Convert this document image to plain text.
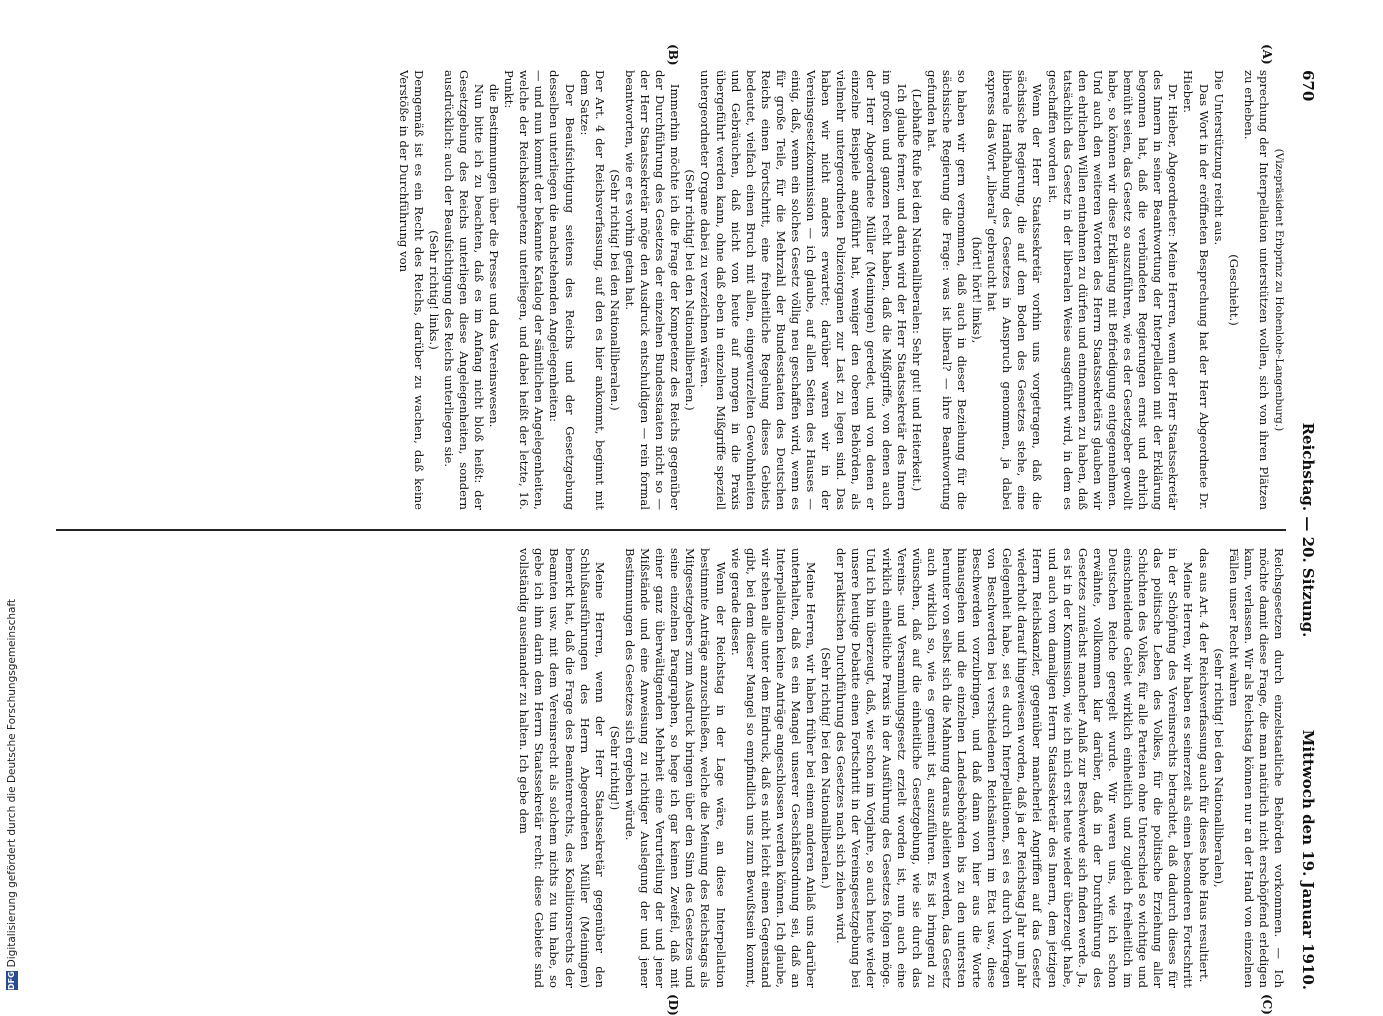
670
Reichstag. — 20. Sitzung.
Mittwoch den 19. Januar 1910.

(Vizepräsident Erbprinz zu Hohenlohe-Langenburg.)

sprechung der Interpellation unterstützen wollen, sich von ihren Plätzen zu erheben.

(Geschieht.)

Die Unterstützung reicht aus.

Das Wort in der eröffneten Besprechung hat der Herr Abgeordnete Dr. Hieber.

Dr. Hieber, Abgeordneter: Meine Herren, wenn der Herr Staatssekretär des Innern in seiner Beantwortung der Interpellation mit der Erklärung begonnen hat, daß die verbündeten Regierungen ernst und ehrlich bemüht seien, das Gesetz so auszuführen, wie es der Gesetzgeber gewollt habe, so können wir diese Erklärung mit Befriedigung entgegennehmen. Und auch den weiteren Worten des Herrn Staatssekretärs glauben wir den ehrlichen Willen entnehmen zu dürfen und entnommen zu haben, daß tatsächlich das Gesetz in der liberalen Weise ausgeführt wird, in dem es geschaffen worden ist.

Wenn der Herr Staatssekretär vorhin uns vorgetragen, daß die sächsische Regierung, die auf dem Boden des Gesetzes stehe, eine liberale Handhabung des Gesetzes in Anspruch genommen, ja dabei express das Wort „liberal“ gebraucht hat

(hört! hört! links),

so haben wir gern vernommen, daß auch in dieser Beziehung für die sächsische Regierung die Frage: was ist liberal? — ihre Beantwortung gefunden hat.

(Lebhafte Rufe bei den Nationalliberalen: Sehr gut! und Heiterkeit.)

Ich glaube ferner, und darin wird der Herr Staatssekretär des Innern im großen und ganzen recht haben, daß die Mißgriffe, von denen auch der Herr Abgeordnete Müller (Meiningen) geredet, und von denen er einzelne Beispiele angeführt hat, weniger den oberen Behörden, als vielmehr untergeordneten Polizeiorganen zur Last zu legen sind. Das haben wir nicht anders erwartet; darüber waren wir in der Vereinsgesetzkommission — ich glaube, auf allen Seiten des Hauses — einig, daß, wenn ein solches Gesetz völlig neu geschaffen wird, wenn es für große Teile, für die Mehrzahl der Bundesstaaten des Deutschen Reichs einen Fortschritt, eine freiheitliche Regelung dieses Gebiets bedeutet, vielfach einen Bruch mit allen, eingewurzelten Gewohnheiten und Gebräuchen, daß nicht von heute auf morgen in die Praxis übergeführt werden kann, ohne daß eben in einzelnen Mißgriffe speziell untergeordneter Organe dabei zu verzeichnen wären.

(Sehr richtig! bei den Nationalliberalen.)

Immerhin möchte ich die Frage der Kompetenz des Reichs gegenüber der Durchführung des Gesetzes der einzelnen Bundesstaaten nicht so — der Herr Staatssekretär möge den Ausdruck entschuldigen — rein formal beantworten, wie er es vorhin getan hat.

(Sehr richtig! bei den Nationalliberalen.)

Der Art. 4 der Reichsverfassung, auf den es hier ankommt, beginnt mit dem Satze:

Der Beaufsichtigung seitens des Reichs und der Gesetzgebung desselben unterliegen die nachstehenden Angelegenheiten:

— und nun kommt der bekannte Katalog der sämtlichen Angelegenheiten, welche der Reichskompetenz unterliegen, und dabei heißt der letzte, 16. Punkt:

die Bestimmungen über die Presse und das Vereinswesen.

Nun bitte ich zu beachten, daß es im Anfang nicht bloß heißt: der Gesetzgebung des Reichs unterliegen diese Angelegenheiten, sondern ausdrücklich: auch der Beaufsichtigung des Reichs unterliegen sie.

(Sehr richtig! links.)

Demgemäß ist es ein Recht des Reichs, darüber zu wachen, daß keine Verstöße in der Durchführung von

Reichsgesetzen durch einzelstaatliche Behörden vorkommen. — Ich möchte damit diese Frage, die man natürlich nicht erschöpfend erledigen kann, verlassen. Wir als Reichstag können nur an der Hand von einzelnen Fällen unser Recht wahren

(sehr richtig! bei den Nationalliberalen),

das aus Art. 4 der Reichsverfassung auch für dieses hohe Haus resultiert.

Meine Herren, wir haben es seinerzeit als einen besonderen Fortschritt in der Schöpfung des Vereinsrechts betrachtet, daß dadurch dieses für das politische Leben des Volkes, für die politische Erziehung aller Schichten des Volkes, für alle Parteien ohne Unterschied so wichtige und einschneidende Gebiet wirklich einheitlich und zugleich freiheitlich im Deutschen Reiche geregelt wurde. Wir waren uns, wie ich schon erwähnte, vollkommen klar darüber, daß in der Durchführung des Gesetzes zunächst mancher Anlaß zur Beschwerde sich finden werde. Ja, es ist in der Kommission, wie ich mich erst heute wieder überzeugt habe, und auch vom damaligen Herrn Staatssekretär des Innern, dem jetzigen Herrn Reichskanzler, gegenüber mancherlei Angriffen auf das Gesetz wiederholt darauf hingewiesen worden, daß ja der Reichstag Jahr um Jahr Gelegenheit habe, sei es durch Interpellationen, sei es durch Vorfragen von Beschwerden bei verschiedenen Reichsämtern im Etat usw., diese Beschwerden vorzubringen, und daß dann von hier aus die Worte hinausgehen und die einzelnen Landesbehörden bis zu den untersten herunter von selbst sich die Mahnung daraus ableiten werden, das Gesetz auch wirklich so, wie es gemeint ist, auszuführen. Es ist bringend zu wünschen, daß auf die einheitliche Gesetzgebung, wie sie durch das Vereins- und Versammlungsgesetz erzielt worden ist, nun auch eine wirklich einheitliche Praxis in der Ausführung des Gesetzes folgen möge. Und ich bin überzeugt, daß, wie schon im Vorjahre, so auch heute wieder unsere heutige Debatte einen Fortschritt in der Vereinsgesetzgebung bei der praktischen Durchführung des Gesetzes nach sich ziehen wird.

(Sehr richtig! bei den Nationalliberalen.)

Meine Herren, wir haben früher bei einem anderen Anlaß uns darüber unterhalten, daß es ein Mangel unserer Geschäftsordnung sei, daß an Interpellationen keine Anträge angeschlossen werden können. Ich glaube, wir stehen alle unter dem Eindruck, daß es nicht leicht einen Gegenstand gibt, bei dem dieser Mangel so empfindlich uns zum Bewußtsein kommt, wie gerade dieser.

Wenn der Reichstag in der Lage wäre, an diese Interpellation bestimmte Anträge anzuschließen, welche die Meinung des Reichstags als Mitgesetzgebers zum Ausdruck bringen über den Sinn des Gesetzes und seine einzelnen Paragraphen, so hege ich gar keinen Zweifel, daß mit einer ganz überwältigenden Mehrheit eine Verurteilung der und jener Mißstände und eine Anweisung zu richtiger Auslegung der und jener Bestimmungen des Gesetzes sich ergeben würde.

(Sehr richtig!)

Meine Herren, wenn der Herr Staatssekretär gegenüber den Schlußausführungen des Herrn Abgeordneten Müller (Meiningen) bemerkt hat, daß die Frage des Beamtenrechts, des Koalitionsrechts der Beamten usw. mit dem Vereinsrecht als solchem nichts zu tun habe, so gebe ich ihm darin dem Herrn Staatssekretär recht: diese Gebiete sind vollständig auseinander zu halten. Ich gebe dem

(A)
(B)
(C)
(D)
DFG
Digitalisierung gefördert durch die Deutsche Forschungsgemeinschaft
